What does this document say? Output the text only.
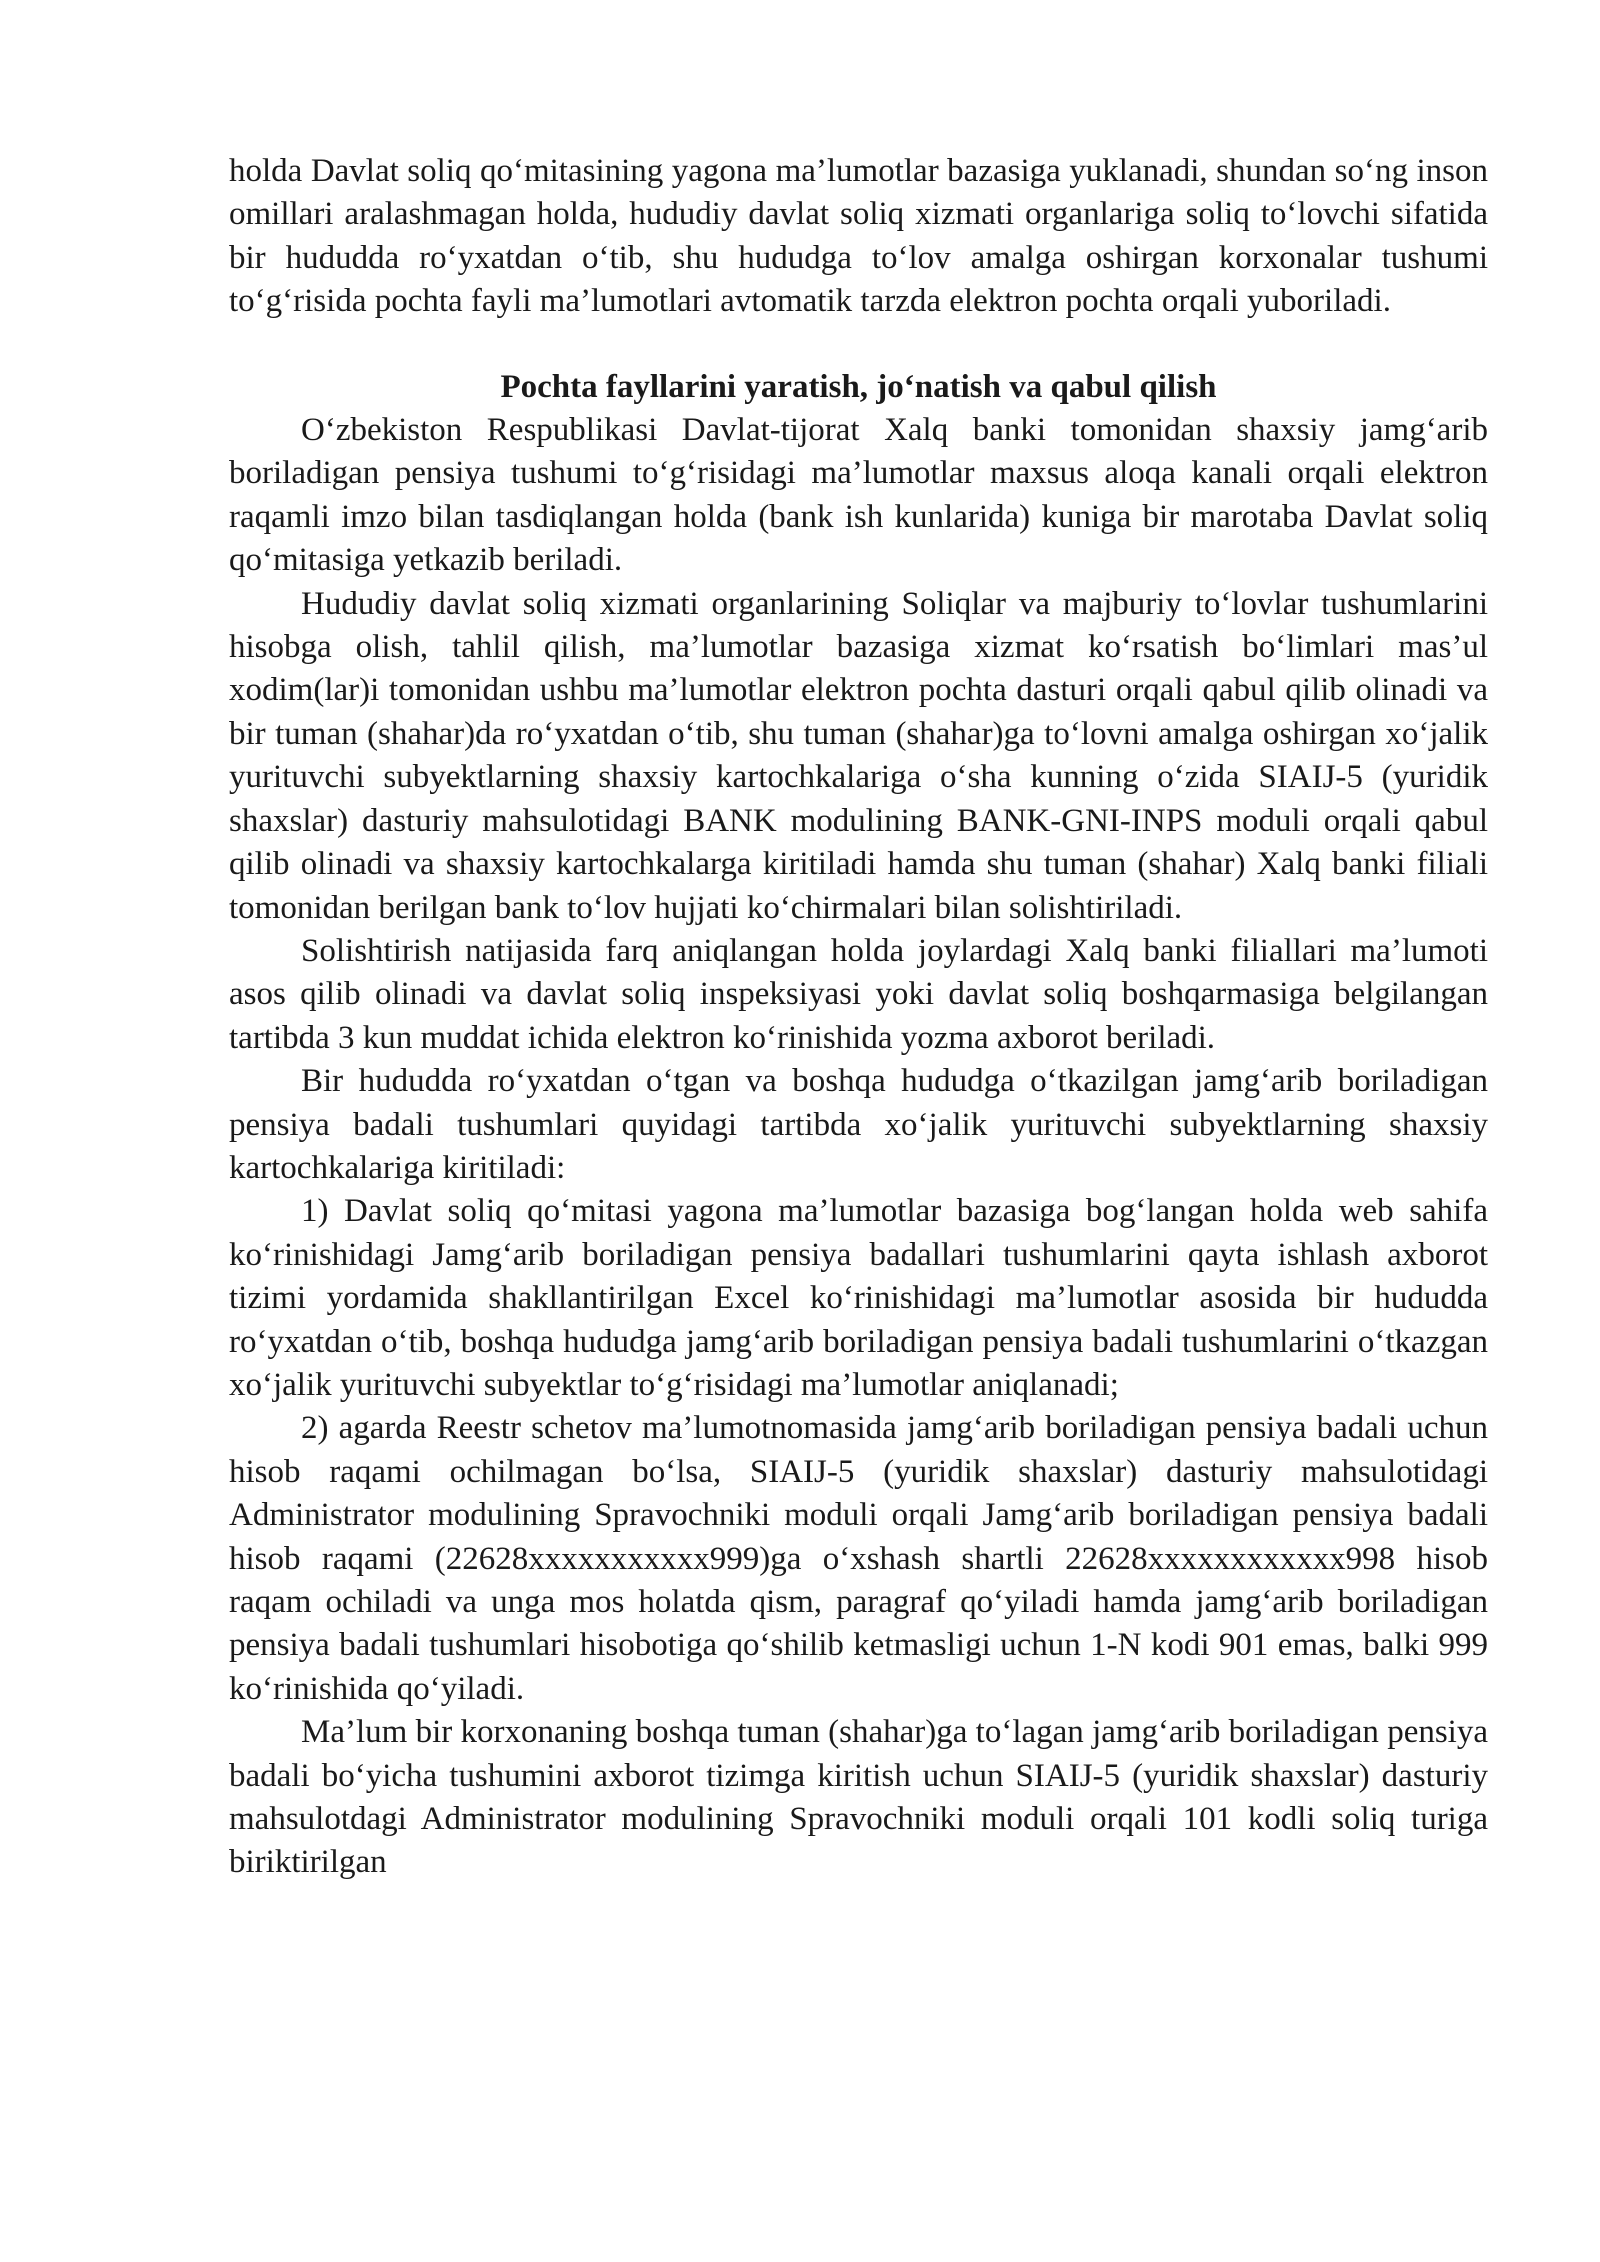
holda Davlat soliq qo‘mitasining yagona ma’lumotlar bazasiga yuklanadi, shundan so‘ng inson omillari aralashmagan holda, hududiy davlat soliq xizmati organlariga soliq to‘lovchi sifatida bir hududda ro‘yxatdan o‘tib, shu hududga to‘lov amalga oshirgan korxonalar tushumi to‘g‘risida pochta fayli ma’lumotlari avtomatik tarzda elektron pochta orqali yuboriladi.

Pochta fayllarini yaratish, jo‘natish va qabul qilish

O‘zbekiston Respublikasi Davlat-tijorat Xalq banki tomonidan shaxsiy jamg‘arib boriladigan pensiya tushumi to‘g‘risidagi ma’lumotlar maxsus aloqa kanali orqali elektron raqamli imzo bilan tasdiqlangan holda (bank ish kunlarida) kuniga bir marotaba Davlat soliq qo‘mitasiga yetkazib beriladi.

Hududiy davlat soliq xizmati organlarining Soliqlar va majburiy to‘lovlar tushumlarini hisobga olish, tahlil qilish, ma’lumotlar bazasiga xizmat ko‘rsatish bo‘limlari mas’ul xodim(lar)i tomonidan ushbu ma’lumotlar elektron pochta dasturi orqali qabul qilib olinadi va bir tuman (shahar)da ro‘yxatdan o‘tib, shu tuman (shahar)ga to‘lovni amalga oshirgan xo‘jalik yurituvchi subyektlarning shaxsiy kartochkalariga o‘sha kunning o‘zida SIAIJ-5 (yuridik shaxslar) dasturiy mahsulotidagi BANK modulining BANK-GNI-INPS moduli orqali qabul qilib olinadi va shaxsiy kartochkalarga kiritiladi hamda shu tuman (shahar) Xalq banki filiali tomonidan berilgan bank to‘lov hujjati ko‘chirmalari bilan solishtiriladi.

Solishtirish natijasida farq aniqlangan holda joylardagi Xalq banki filiallari ma’lumoti asos qilib olinadi va davlat soliq inspeksiyasi yoki davlat soliq boshqarmasiga belgilangan tartibda 3 kun muddat ichida elektron ko‘rinishida yozma axborot beriladi.

Bir hududda ro‘yxatdan o‘tgan va boshqa hududga o‘tkazilgan jamg‘arib boriladigan pensiya badali tushumlari quyidagi tartibda xo‘jalik yurituvchi subyektlarning shaxsiy kartochkalariga kiritiladi:

1) Davlat soliq qo‘mitasi yagona ma’lumotlar bazasiga bog‘langan holda web sahifa ko‘rinishidagi Jamg‘arib boriladigan pensiya badallari tushumlarini qayta ishlash axborot tizimi yordamida shakllantirilgan Excel ko‘rinishidagi ma’lumotlar asosida bir hududda ro‘yxatdan o‘tib, boshqa hududga jamg‘arib boriladigan pensiya badali tushumlarini o‘tkazgan xo‘jalik yurituvchi subyektlar to‘g‘risidagi ma’lumotlar aniqlanadi;

2) agarda Reestr schetov ma’lumotnomasida jamg‘arib boriladigan pensiya badali uchun hisob raqami ochilmagan bo‘lsa, SIAIJ-5 (yuridik shaxslar) dasturiy mahsulotidagi Administrator modulining Spravochniki moduli orqali Jamg‘arib boriladigan pensiya badali hisob raqami (22628xxxxxxxxxxx999)ga o‘xshash shartli 22628xxxxxxxxxxxx998 hisob raqam ochiladi va unga mos holatda qism, paragraf qo‘yiladi hamda jamg‘arib boriladigan pensiya badali tushumlari hisobotiga qo‘shilib ketmasligi uchun 1-N kodi 901 emas, balki 999 ko‘rinishida qo‘yiladi.

Ma’lum bir korxonaning boshqa tuman (shahar)ga to‘lagan jamg‘arib boriladigan pensiya badali bo‘yicha tushumini axborot tizimga kiritish uchun SIAIJ-5 (yuridik shaxslar) dasturiy mahsulotdagi Administrator modulining Spravochniki moduli orqali 101 kodli soliq turiga biriktirilgan
